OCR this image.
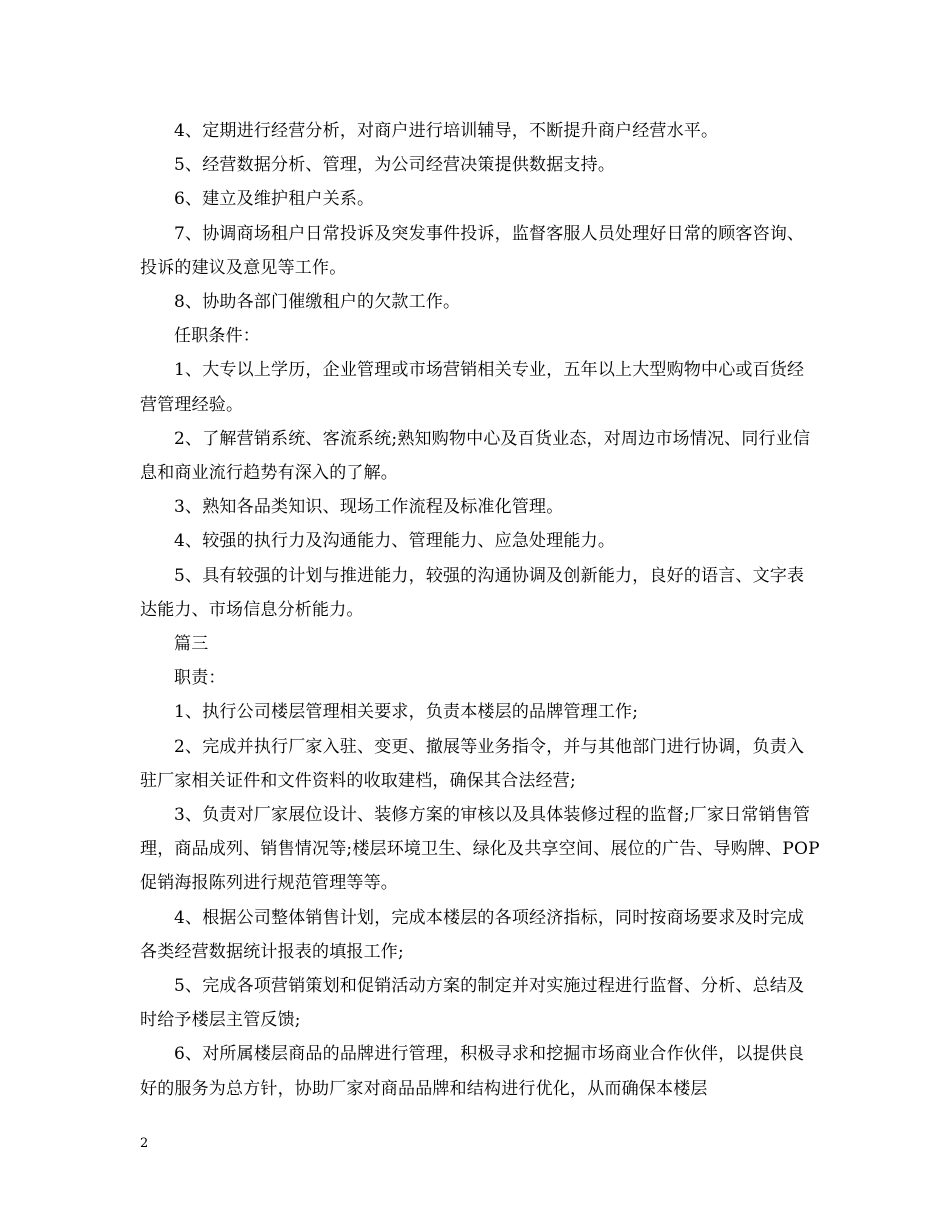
4、定期进行经营分析，对商户进行培训辅导，不断提升商户经营水平。

5、经营数据分析、管理，为公司经营决策提供数据支持。

6、建立及维护租户关系。

7、协调商场租户日常投诉及突发事件投诉，监督客服人员处理好日常的顾客咨询、投诉的建议及意见等工作。

8、协助各部门催缴租户的欠款工作。

任职条件：

1、大专以上学历，企业管理或市场营销相关专业，五年以上大型购物中心或百货经营管理经验。

2、了解营销系统、客流系统;熟知购物中心及百货业态，对周边市场情况、同行业信息和商业流行趋势有深入的了解。

3、熟知各品类知识、现场工作流程及标准化管理。

4、较强的执行力及沟通能力、管理能力、应急处理能力。

5、具有较强的计划与推进能力，较强的沟通协调及创新能力，良好的语言、文字表达能力、市场信息分析能力。

篇三

职责：

1、执行公司楼层管理相关要求，负责本楼层的品牌管理工作;

2、完成并执行厂家入驻、变更、撤展等业务指令，并与其他部门进行协调，负责入驻厂家相关证件和文件资料的收取建档，确保其合法经营;

3、负责对厂家展位设计、装修方案的审核以及具体装修过程的监督;厂家日常销售管理，商品成列、销售情况等;楼层环境卫生、绿化及共享空间、展位的广告、导购牌、POP促销海报陈列进行规范管理等等。

4、根据公司整体销售计划，完成本楼层的各项经济指标，同时按商场要求及时完成各类经营数据统计报表的填报工作;

5、完成各项营销策划和促销活动方案的制定并对实施过程进行监督、分析、总结及时给予楼层主管反馈;

6、对所属楼层商品的品牌进行管理，积极寻求和挖掘市场商业合作伙伴，以提供良好的服务为总方针，协助厂家对商品品牌和结构进行优化，从而确保本楼层

2
